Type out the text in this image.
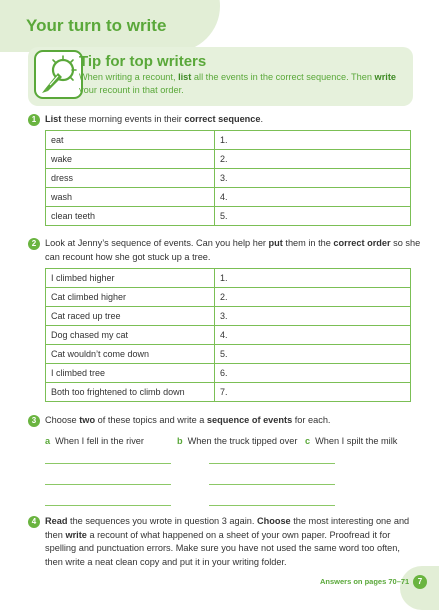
Your turn to write
Tip for top writers
When writing a recount, list all the events in the correct sequence. Then write your recount in that order.
1 List these morning events in their correct sequence.
eat	1.
wake	2.
dress	3.
wash	4.
clean teeth	5.
2 Look at Jenny’s sequence of events. Can you help her put them in the correct order so she can recount how she got stuck up a tree.
I climbed higher	1.
Cat climbed higher	2.
Cat raced up tree	3.
Dog chased my cat	4.
Cat wouldn’t come down	5.
I climbed tree	6.
Both too frightened to climb down	7.
3 Choose two of these topics and write a sequence of events for each.
a When I fell in the river	b When the truck tipped over c When I spilt the milk
4 Read the sequences you wrote in question 3 again. Choose the most interesting one and then write a recount of what happened on a sheet of your own paper. Proofread it for spelling and punctuation errors. Make sure you have not used the same word too often, then write a neat clean copy and put it in your writing folder.
Answers on pages 70–71	7
